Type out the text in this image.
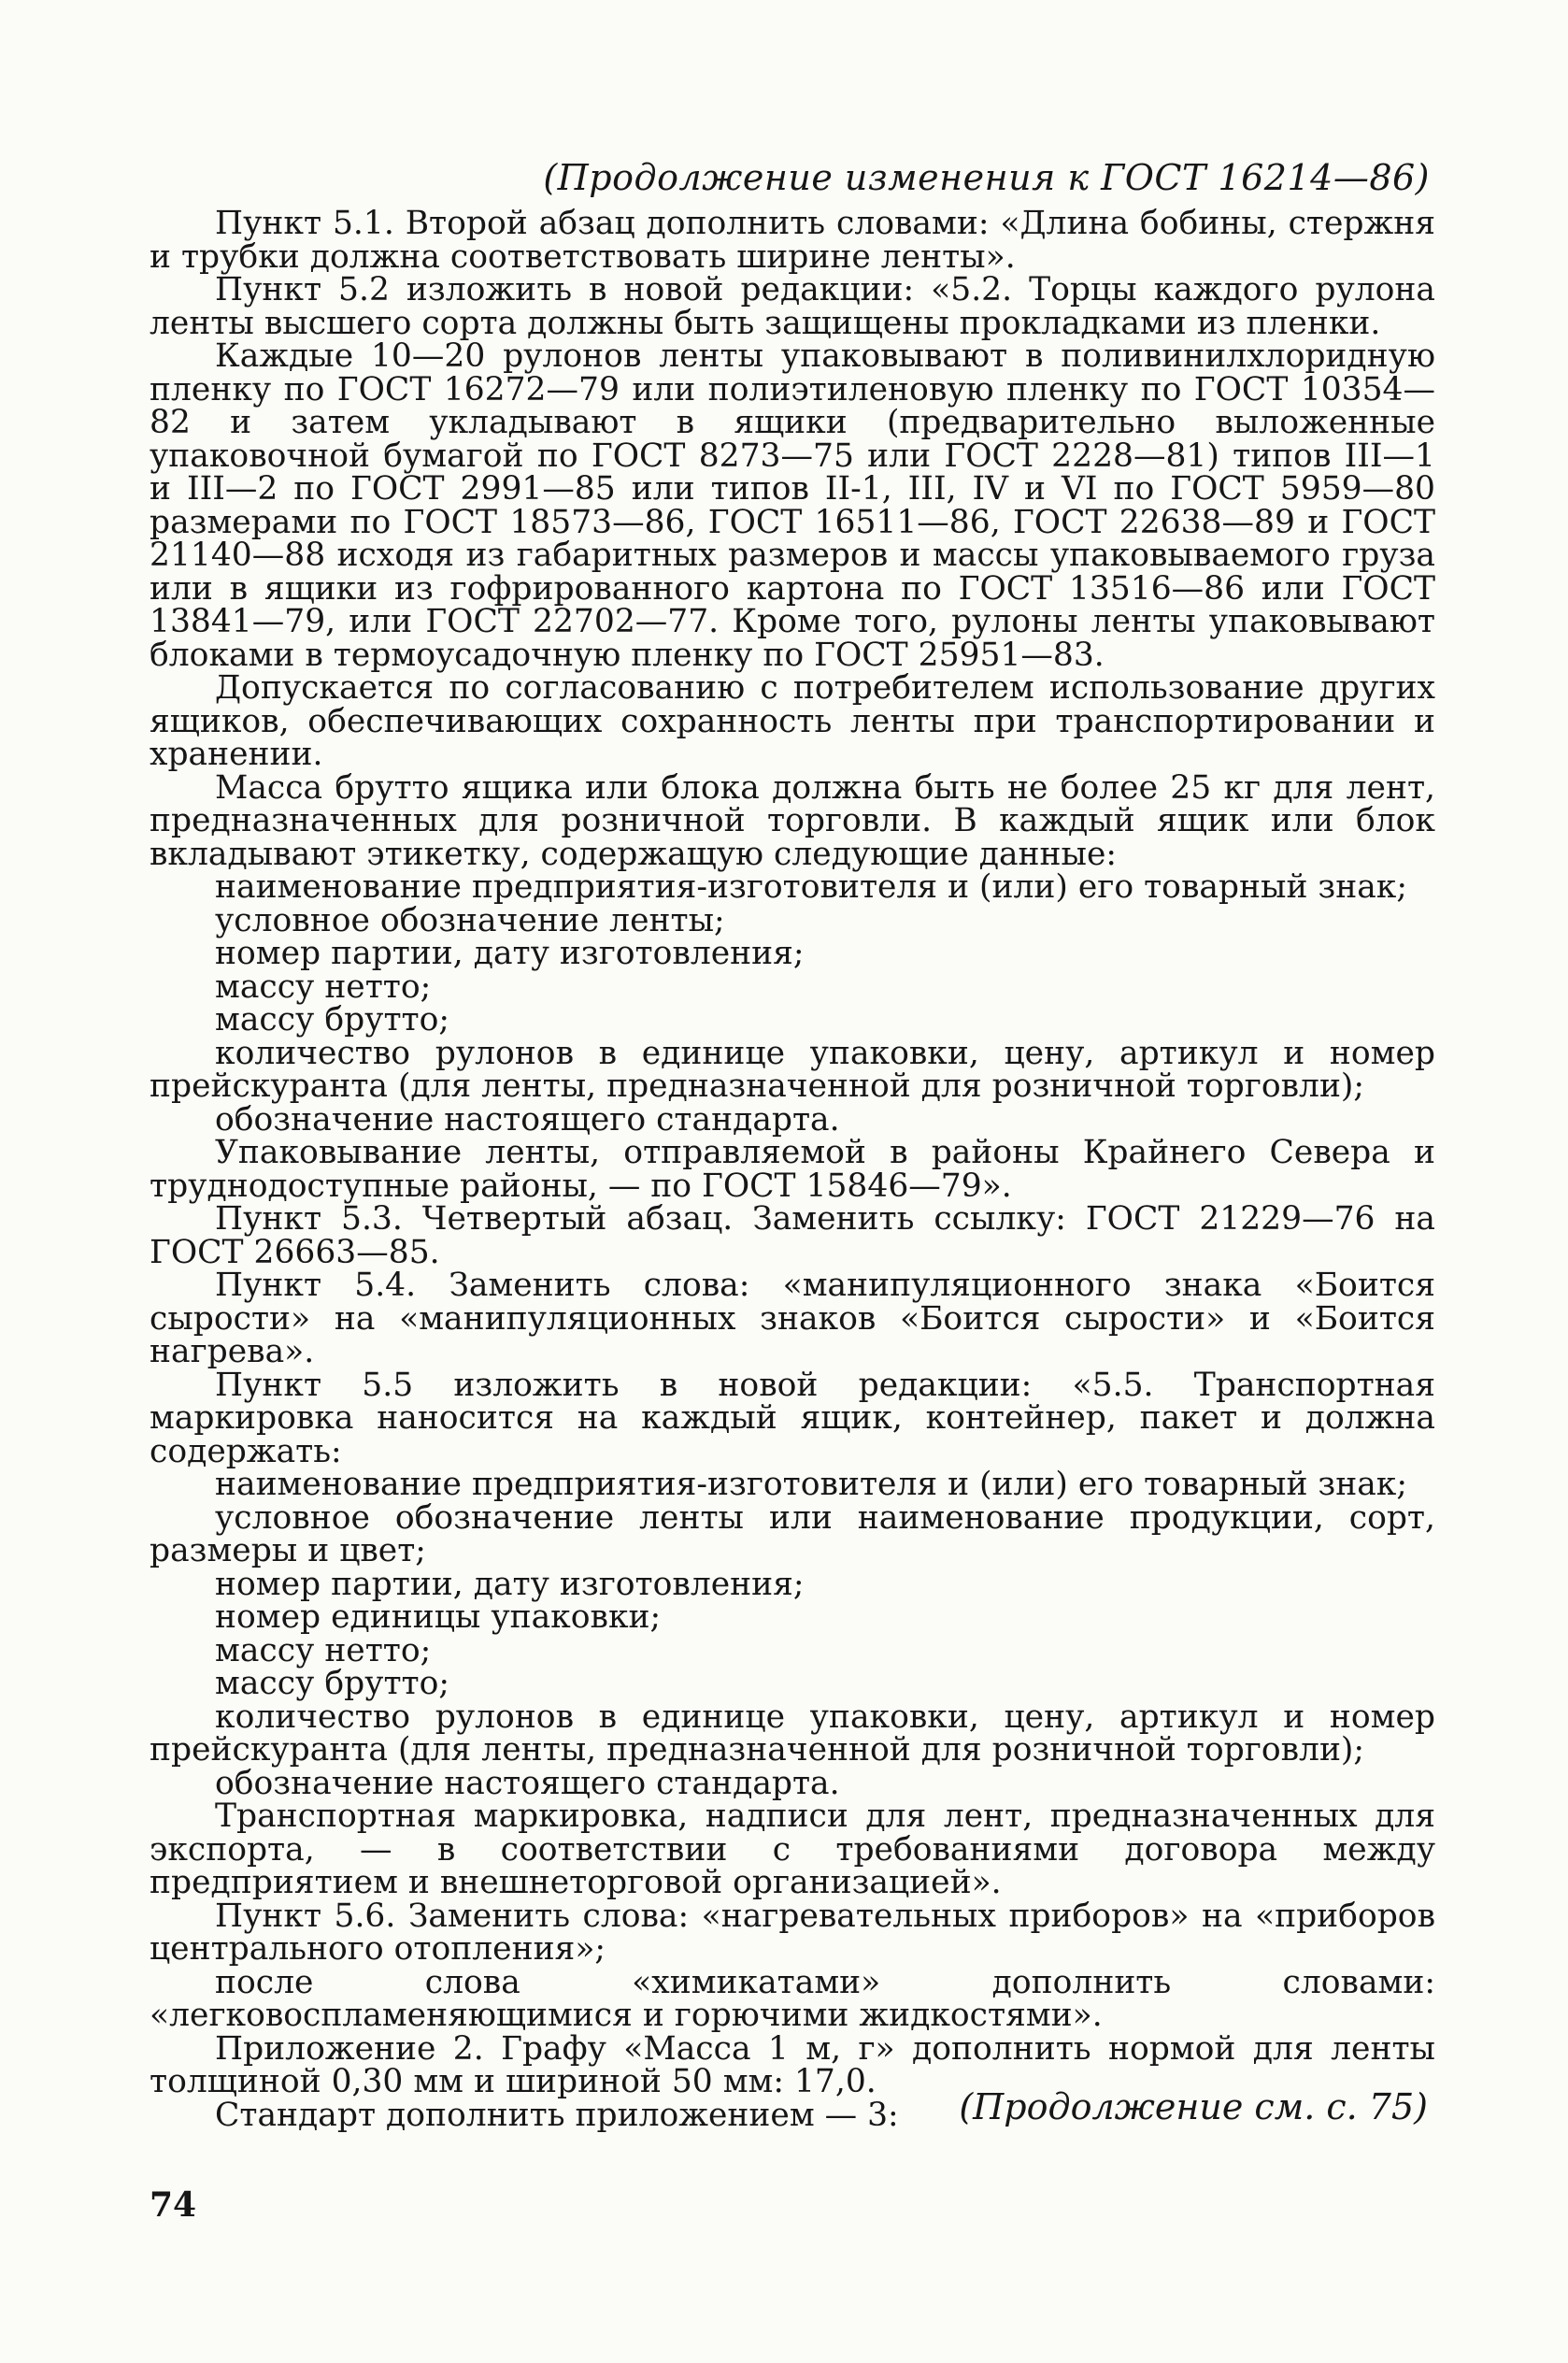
(Продолжение изменения к ГОСТ 16214—86)

Пункт 5.1. Второй абзац дополнить словами: «Длина бобины, стержня и трубки должна соответствовать ширине ленты».

Пункт 5.2 изложить в новой редакции: «5.2. Торцы каждого рулона ленты высшего сорта должны быть защищены прокладками из пленки.

Каждые 10—20 рулонов ленты упаковывают в поливинилхлоридную пленку по ГОСТ 16272—79 или полиэтиленовую пленку по ГОСТ 10354—82 и затем укладывают в ящики (предварительно выложенные упаковочной бумагой по ГОСТ 8273—75 или ГОСТ 2228—81) типов III—1 и III—2 по ГОСТ 2991—85 или типов II-1, III, IV и VI по ГОСТ 5959—80 размерами по ГОСТ 18573—86, ГОСТ 16511—86, ГОСТ 22638—89 и ГОСТ 21140—88 исходя из габаритных размеров и массы упаковываемого груза или в ящики из гофрированного картона по ГОСТ 13516—86 или ГОСТ 13841—79, или ГОСТ 22702—77. Кроме того, рулоны ленты упаковывают блоками в термоусадочную пленку по ГОСТ 25951—83.

Допускается по согласованию с потребителем использование других ящиков, обеспечивающих сохранность ленты при транспортировании и хранении.

Масса брутто ящика или блока должна быть не более 25 кг для лент, предназначенных для розничной торговли. В каждый ящик или блок вкладывают этикетку, содержащую следующие данные:

наименование предприятия-изготовителя и (или) его товарный знак;

условное обозначение ленты;

номер партии, дату изготовления;

массу нетто;

массу брутто;

количество рулонов в единице упаковки, цену, артикул и номер прейскуранта (для ленты, предназначенной для розничной торговли);

обозначение настоящего стандарта.

Упаковывание ленты, отправляемой в районы Крайнего Севера и труднодоступные районы, — по ГОСТ 15846—79».

Пункт 5.3. Четвертый абзац. Заменить ссылку: ГОСТ 21229—76 на ГОСТ 26663—85.

Пункт 5.4. Заменить слова: «манипуляционного знака «Боится сырости» на «манипуляционных знаков «Боится сырости» и «Боится нагрева».

Пункт 5.5 изложить в новой редакции: «5.5. Транспортная маркировка наносится на каждый ящик, контейнер, пакет и должна содержать:

наименование предприятия-изготовителя и (или) его товарный знак;

условное обозначение ленты или наименование продукции, сорт, размеры и цвет;

номер партии, дату изготовления;

номер единицы упаковки;

массу нетто;

массу брутто;

количество рулонов в единице упаковки, цену, артикул и номер прейскуранта (для ленты, предназначенной для розничной торговли);

обозначение настоящего стандарта.

Транспортная маркировка, надписи для лент, предназначенных для экспорта, — в соответствии с требованиями договора между предприятием и внешнеторговой организацией».

Пункт 5.6. Заменить слова: «нагревательных приборов» на «приборов центрального отопления»;

после слова «химикатами» дополнить словами: «легковоспламеняющимися и горючими жидкостями».

Приложение 2. Графу «Масса 1 м, г» дополнить нормой для ленты толщиной 0,30 мм и шириной 50 мм: 17,0.

Стандарт дополнить приложением — 3:	(Продолжение см. с. 75)
74
